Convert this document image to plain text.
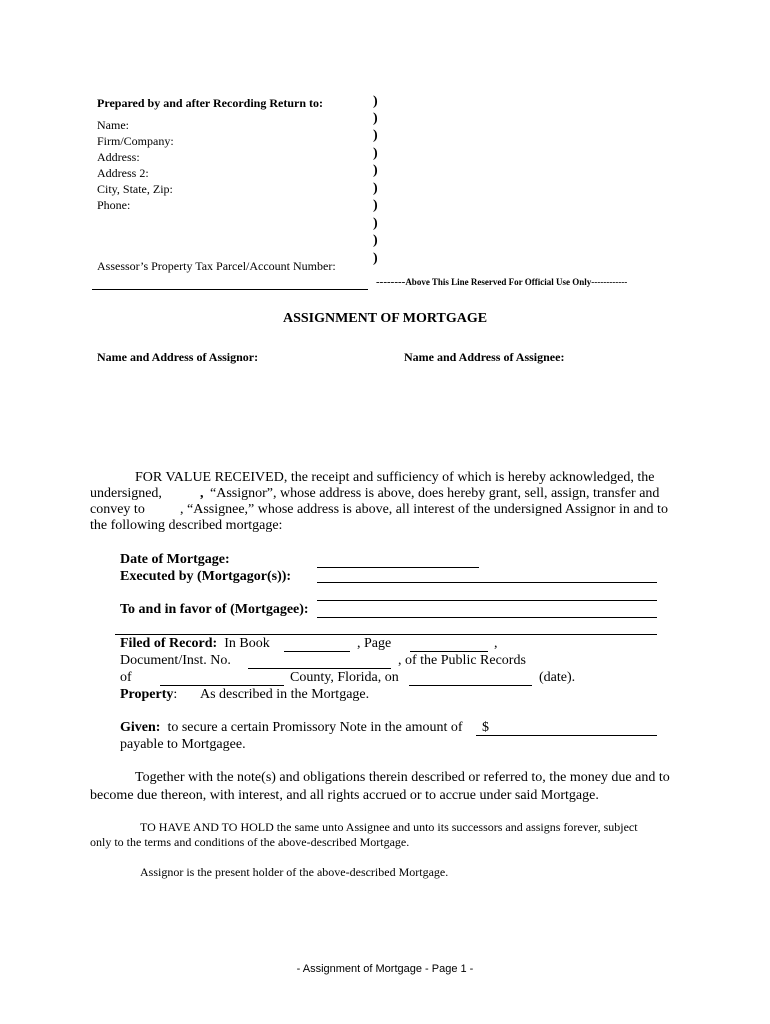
Prepared by and after Recording Return to:
Name:
Firm/Company:
Address:
Address 2:
City, State, Zip:
Phone:
)
)
)
)
)
)
)
)
)
)
Assessor’s Property Tax Parcel/Account Number:
--------Above This Line Reserved For Official Use Only------------
ASSIGNMENT OF MORTGAGE
Name and Address of Assignor:	Name and Address of Assignee:
FOR VALUE RECEIVED, the receipt and sufficiency of which is hereby acknowledged, the
undersigned,	, “Assignor”, whose address is above, does hereby grant, sell, assign, transfer and
convey to	, “Assignee,” whose address is above, all interest of the undersigned Assignor in and to
the following described mortgage:
Date of Mortgage:
Executed by (Mortgagor(s)):
To and in favor of (Mortgagee):
Filed of Record: In Book	, Page	,
Document/Inst. No.	, of the Public Records
of	County, Florida, on	(date).
Property: As described in the Mortgage.
Given: to secure a certain Promissory Note in the amount of $
payable to Mortgagee.
Together with the note(s) and obligations therein described or referred to, the money due and to
become due thereon, with interest, and all rights accrued or to accrue under said Mortgage.
TO HAVE AND TO HOLD the same unto Assignee and unto its successors and assigns forever, subject
only to the terms and conditions of the above-described Mortgage.
Assignor is the present holder of the above-described Mortgage.
- Assignment of Mortgage - Page 1 -
